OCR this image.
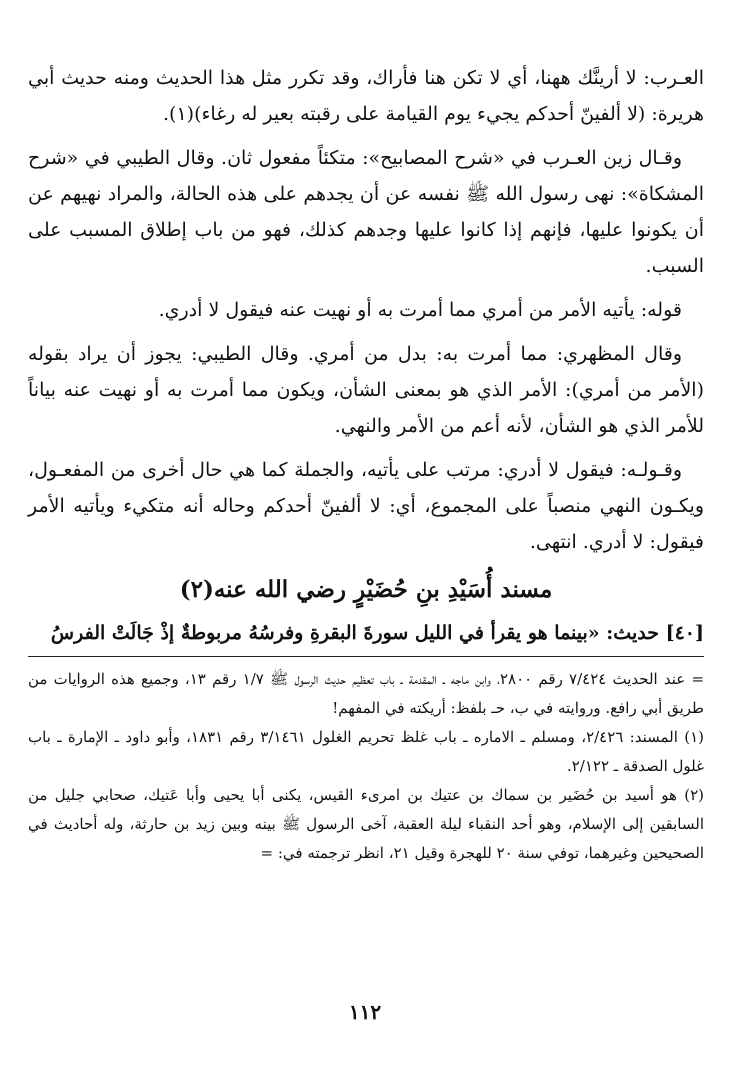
العـرب: لا أرينَّك ههنا، أي لا تكن هنا فأراك، وقد تكرر مثل هذا الحديث ومنه حديث أبي هريرة: (لا ألفينّ أحدكم يجيء يوم القيامة على رقبته بعير له رغاء)(١).

وقـال زين العـرب في «شرح المصابيح»: متكئاً مفعول ثان. وقال الطيبي في «شرح المشكاة»: نهى رسول الله ﷺ نفسه عن أن يجدهم على هذه الحالة، والمراد نهيهم عن أن يكونوا عليها، فإنهم إذا كانوا عليها وجدهم كذلك، فهو من باب إطلاق المسبب على السبب.

قوله: يأتيه الأمر من أمري مما أمرت به أو نهيت عنه فيقول لا أدري.

وقال المظهري: مما أمرت به: بدل من أمري. وقال الطيبي: يجوز أن يراد بقوله (الأمر من أمري): الأمر الذي هو بمعنى الشأن، ويكون مما أمرت به أو نهيت عنه بياناً للأمر الذي هو الشأن، لأنه أعم من الأمر والنهي.

وقـولـه: فيقول لا أدري: مرتب على يأتيه، والجملة كما هي حال أخرى من المفعـول، ويكـون النهي منصباً على المجموع، أي: لا ألفينّ أحدكم وحاله أنه متكيء ويأتيه الأمر فيقول: لا أدري. انتهى.

مسند أُسَيْدِ بنِ حُضَيْرٍ رضي الله عنه(٢)

[٤٠] حديث: «بينما هو يقرأ في الليل سورةَ البقرةِ وفرسُهُ مربوطةٌ إذْ جَالَتْ الفرسُ

= عند الحديث ٧/٤٢٤ رقم ٢٨٠٠، وابن ماجه ـ المقدمة ـ باب تعظيم حديث الرسول ﷺ ١/٧ رقم ١٣، وجميع هذه الروايات من طريق أبي رافع. وروايته في ب، حـ بلفظ: أريكته في المفهم!

(١) المسند: ٢/٤٢٦، ومسلم ـ الاماره ـ باب غلظ تحريم الغلول ٣/١٤٦١ رقم ١٨٣١، وأبو داود ـ الإمارة ـ باب غلول الصدقة ـ ٢/١٢٢.

(٢) هو أسيد بن حُضَير بن سماك بن عتيك بن امرىء القيس، يكنى أبا يحيى وأبا عَتيك، صحابي جليل من السابقين إلى الإسلام، وهو أحد النقباء ليلة العقبة، آخى الرسول ﷺ بينه وبين زيد بن حارثة، وله أحاديث في الصحيحين وغيرهما، توفي سنة ٢٠ للهجرة وقيل ٢١، انظر ترجمته في: =

١١٢
